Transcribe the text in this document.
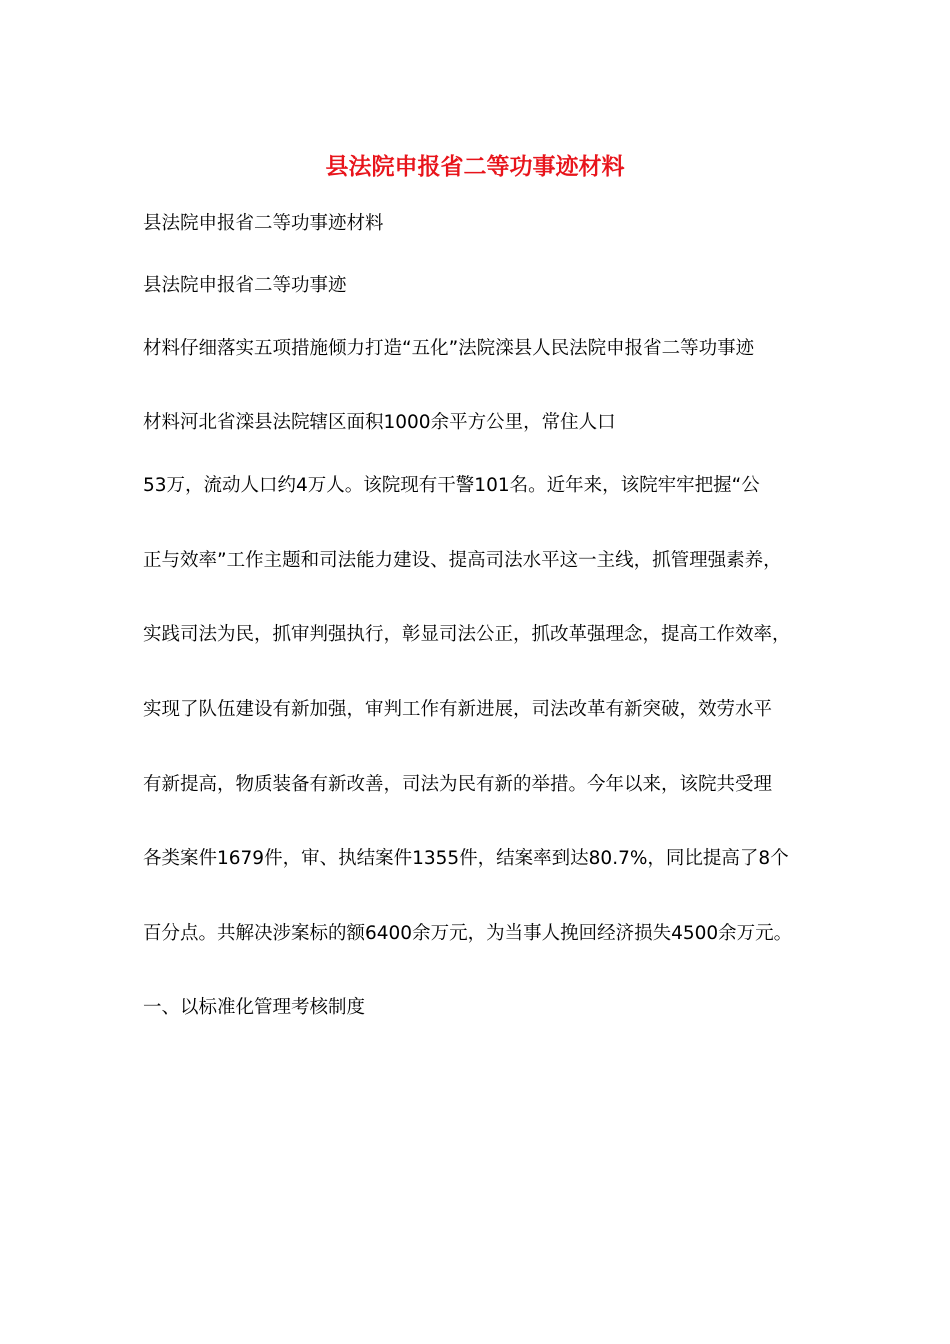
县法院申报省二等功事迹材料
县法院申报省二等功事迹材料
县法院申报省二等功事迹
材料仔细落实五项措施倾力打造“五化”法院滦县人民法院申报省二等功事迹
材料河北省滦县法院辖区面积1000余平方公里，常住人口
53万，流动人口约4万人。该院现有干警101名。近年来，该院牢牢把握“公
正与效率”工作主题和司法能力建设、提高司法水平这一主线，抓管理强素养，
实践司法为民，抓审判强执行，彰显司法公正，抓改革强理念，提高工作效率，
实现了队伍建设有新加强，审判工作有新进展，司法改革有新突破，效劳水平
有新提高，物质装备有新改善，司法为民有新的举措。今年以来，该院共受理
各类案件1679件，审、执结案件1355件，结案率到达80.7%，同比提高了8个
百分点。共解决涉案标的额6400余万元，为当事人挽回经济损失4500余万元。
一、以标准化管理考核制度
